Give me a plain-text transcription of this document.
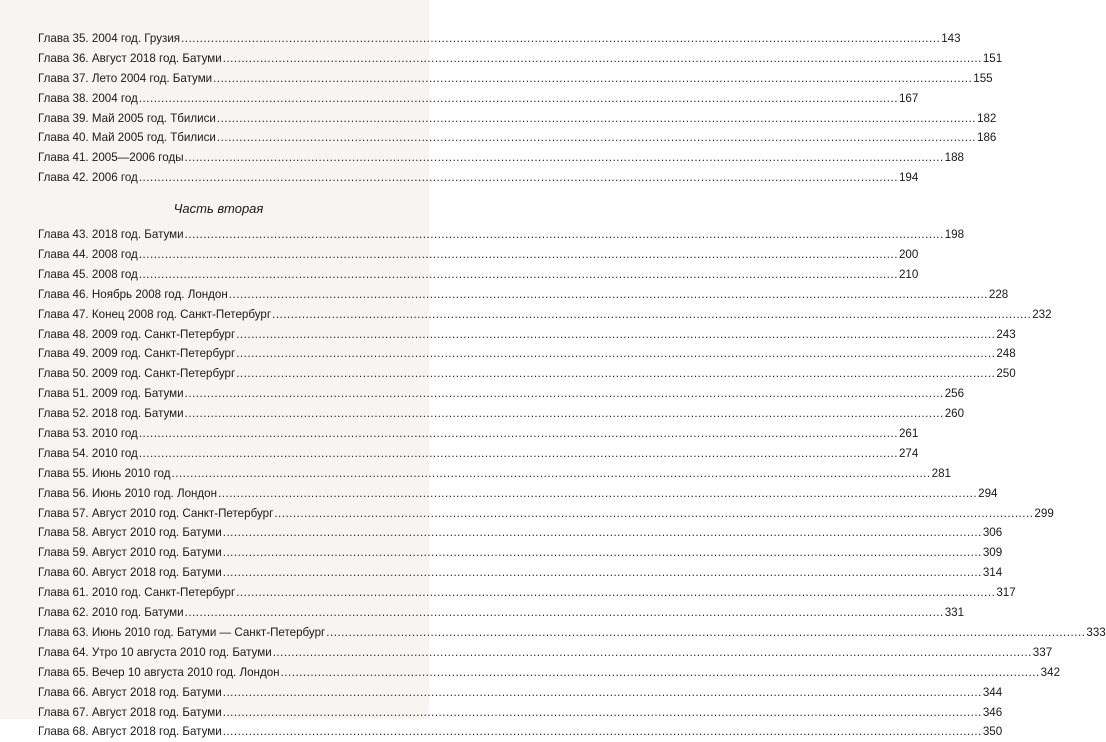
Глава 35. 2004 год. Грузия .....	143
Глава 36. Август 2018 год. Батуми .....	151
Глава 37. Лето 2004 год. Батуми .....	155
Глава 38. 2004 год .....	167
Глава 39. Май 2005 год. Тбилиси .....	182
Глава 40. Май 2005 год. Тбилиси .....	186
Глава 41. 2005—2006 годы .....	188
Глава 42. 2006 год .....	194
Часть вторая
Глава 43. 2018 год. Батуми .....	198
Глава 44. 2008 год .....	200
Глава 45. 2008 год .....	210
Глава 46. Ноябрь 2008 год. Лондон .....	228
Глава 47. Конец 2008 год. Санкт-Петербург .....	232
Глава 48. 2009 год. Санкт-Петербург .....	243
Глава 49. 2009 год. Санкт-Петербург .....	248
Глава 50. 2009 год. Санкт-Петербург .....	250
Глава 51. 2009 год. Батуми .....	256
Глава 52. 2018 год. Батуми .....	260
Глава 53. 2010 год .....	261
Глава 54. 2010 год .....	274
Глава 55. Июнь 2010 год .....	281
Глава 56. Июнь 2010 год. Лондон .....	294
Глава 57. Август 2010 год. Санкт-Петербург .....	299
Глава 58. Август 2010 год. Батуми .....	306
Глава 59. Август 2010 год. Батуми .....	309
Глава 60. Август 2018 год. Батуми .....	314
Глава 61. 2010 год. Санкт-Петербург .....	317
Глава 62. 2010 год. Батуми .....	331
Глава 63. Июнь 2010 год. Батуми — Санкт-Петербург .....	333
Глава 64. Утро 10 августа 2010 год. Батуми .....	337
Глава 65. Вечер 10 августа 2010 год. Лондон .....	342
Глава 66. Август 2018 год. Батуми .....	344
Глава 67. Август 2018 год. Батуми .....	346
Глава 68. Август 2018 год. Батуми .....	350
